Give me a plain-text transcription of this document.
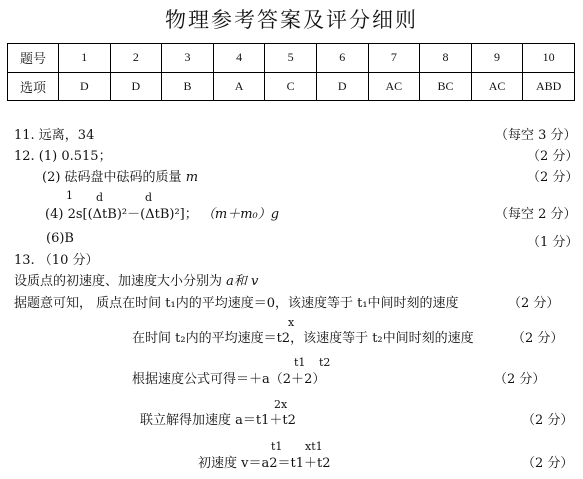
物理参考答案及评分细则
题号	1	2	3	4	5	6	7	8	9	10
选项	D	D	B	A	C	D	AC	BC	AC	ABD
11. 远离，34	（每空 3 分）
12. (1) 0.515；	（2 分）
(2) 砝码盘中砝码的质量 m	（2 分）
1 d	d
(4) 2s[(ΔtB)²－(ΔtB)²]； （m＋m₀）g	（每空 2 分）
(6)B	（1 分）
13. （10 分）
设质点的初速度、加速度大小分别为 a和 v
据题意可知， 质点在时间 t₁内的平均速度＝0，该速度等于 t₁中间时刻的速度	（2 分）
x
在时间 t₂内的平均速度＝t2，该速度等于 t₂中间时刻的速度	（2 分）
t1 t2
根据速度公式可得＝＋a（2＋2）	（2 分）
2x
联立解得加速度 a＝t1＋t2	（2 分）
t1 xt1
初速度 v＝a2＝t1＋t2	（2 分）
